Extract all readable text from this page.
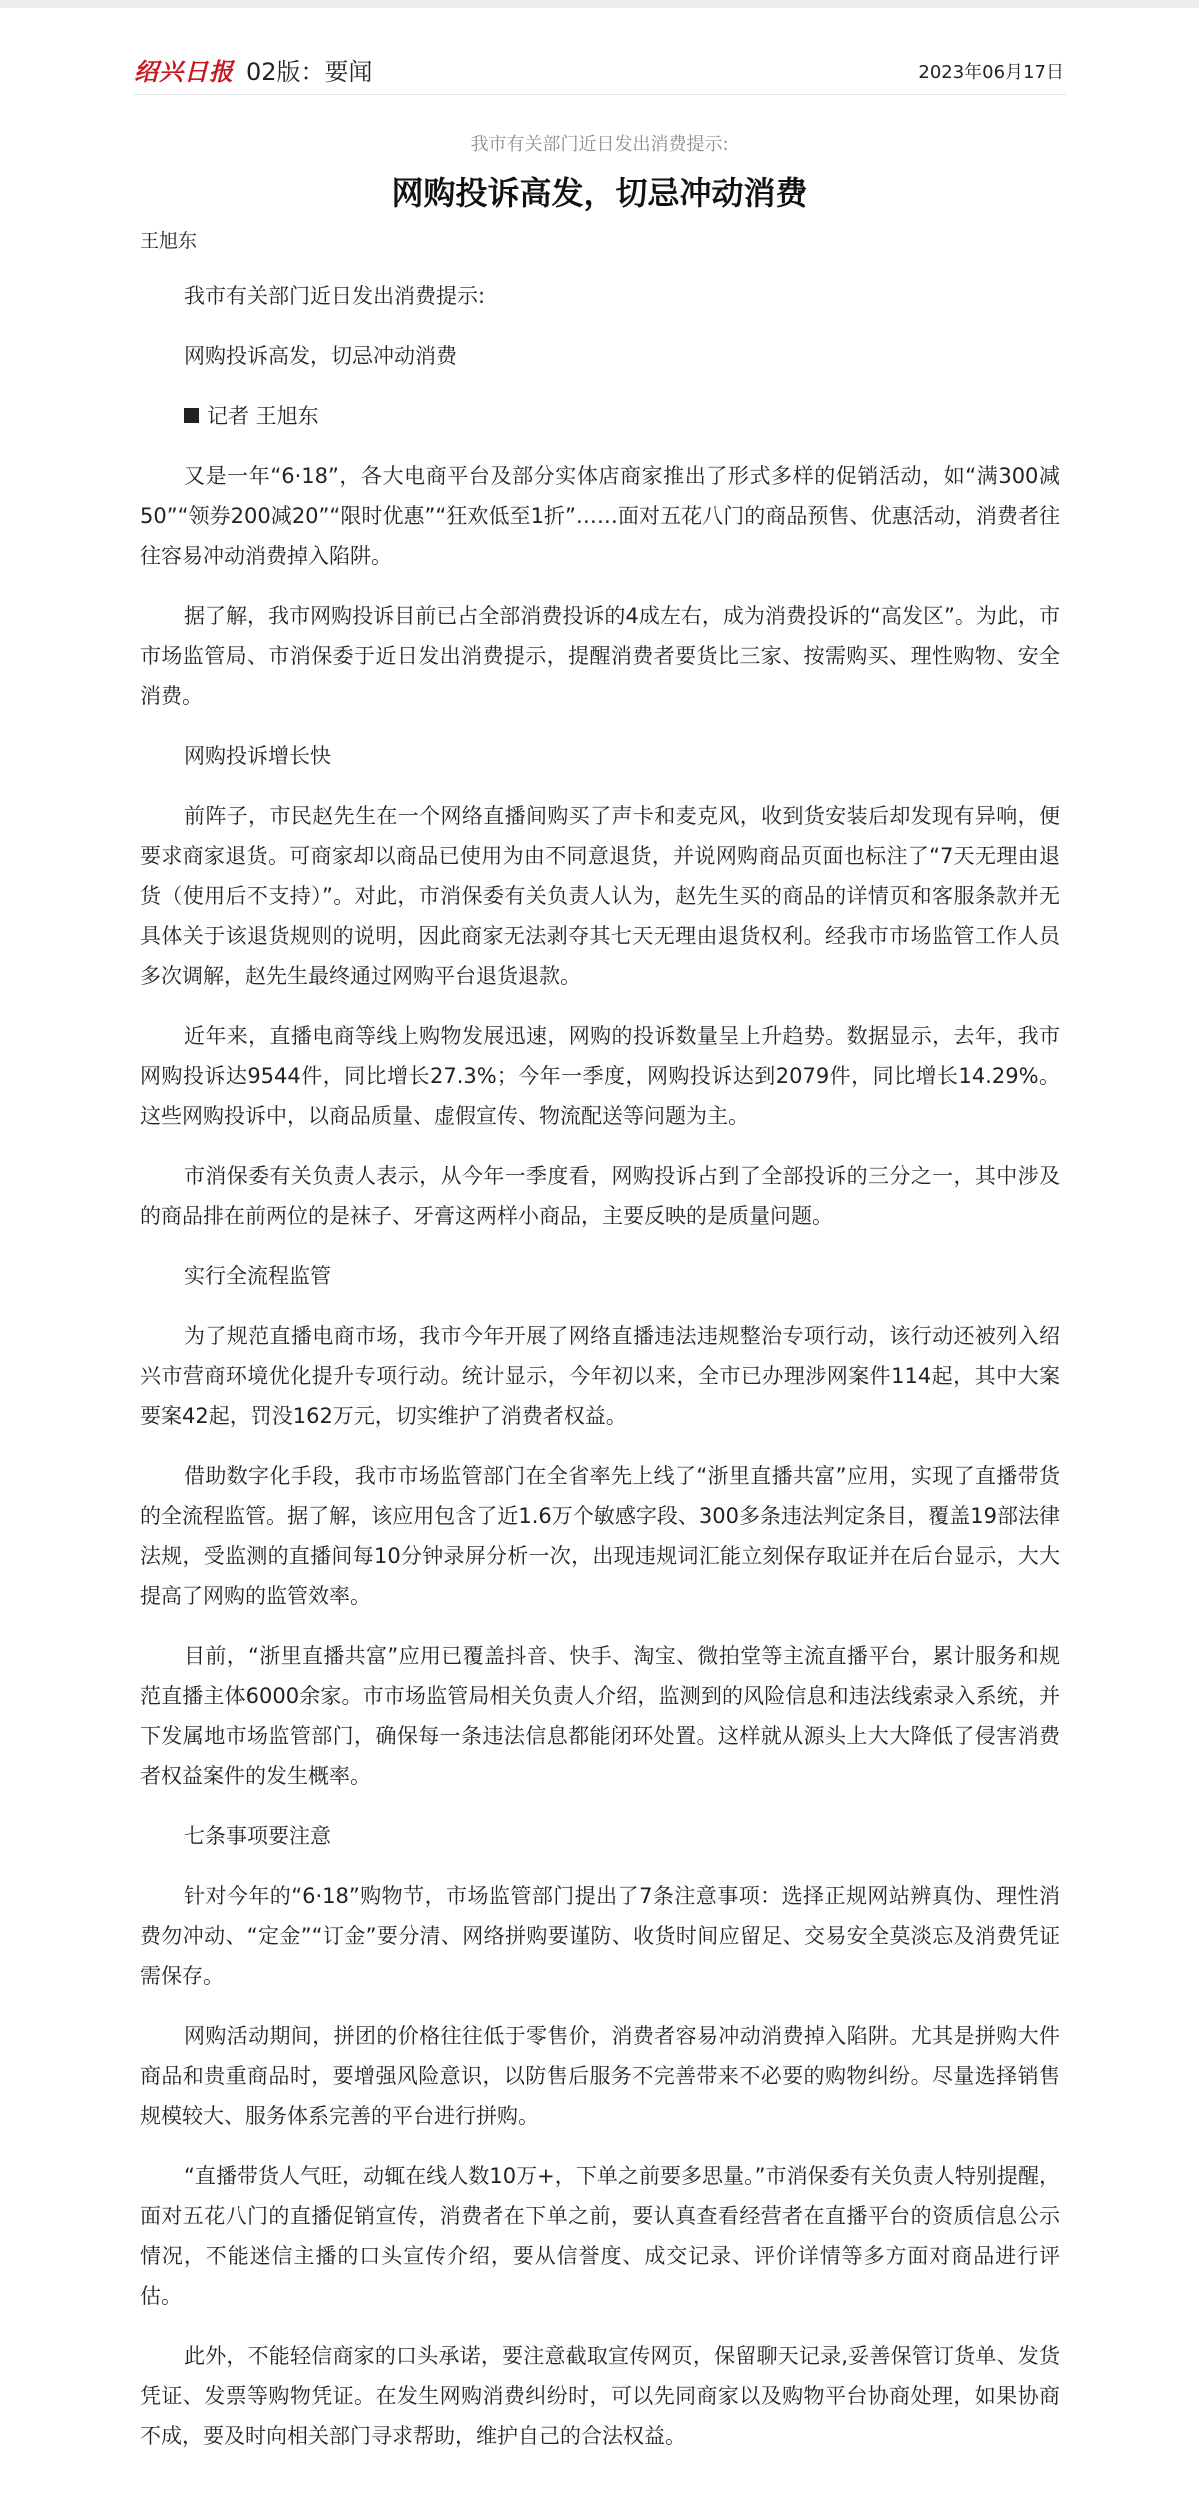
绍兴日报 02版：要闻	2023年06月17日
我市有关部门近日发出消费提示:
网购投诉高发，切忌冲动消费
王旭东

我市有关部门近日发出消费提示:

网购投诉高发，切忌冲动消费

记者 王旭东

又是一年“6·18”，各大电商平台及部分实体店商家推出了形式多样的促销活动，如“满300减50”“领券200减20”“限时优惠”“狂欢低至1折”……面对五花八门的商品预售、优惠活动，消费者往往容易冲动消费掉入陷阱。

据了解，我市网购投诉目前已占全部消费投诉的4成左右，成为消费投诉的“高发区”。为此，市市场监管局、市消保委于近日发出消费提示，提醒消费者要货比三家、按需购买、理性购物、安全消费。

网购投诉增长快

前阵子，市民赵先生在一个网络直播间购买了声卡和麦克风，收到货安装后却发现有异响，便要求商家退货。可商家却以商品已使用为由不同意退货，并说网购商品页面也标注了“7天无理由退货（使用后不支持）”。对此，市消保委有关负责人认为，赵先生买的商品的详情页和客服条款并无具体关于该退货规则的说明，因此商家无法剥夺其七天无理由退货权利。经我市市场监管工作人员多次调解，赵先生最终通过网购平台退货退款。

近年来，直播电商等线上购物发展迅速，网购的投诉数量呈上升趋势。数据显示，去年，我市网购投诉达9544件，同比增长27.3%；今年一季度，网购投诉达到2079件，同比增长14.29%。这些网购投诉中，以商品质量、虚假宣传、物流配送等问题为主。

市消保委有关负责人表示，从今年一季度看，网购投诉占到了全部投诉的三分之一，其中涉及的商品排在前两位的是袜子、牙膏这两样小商品，主要反映的是质量问题。

实行全流程监管

为了规范直播电商市场，我市今年开展了网络直播违法违规整治专项行动，该行动还被列入绍兴市营商环境优化提升专项行动。统计显示，今年初以来，全市已办理涉网案件114起，其中大案要案42起，罚没162万元，切实维护了消费者权益。

借助数字化手段，我市市场监管部门在全省率先上线了“浙里直播共富”应用，实现了直播带货的全流程监管。据了解，该应用包含了近1.6万个敏感字段、300多条违法判定条目，覆盖19部法律法规，受监测的直播间每10分钟录屏分析一次，出现违规词汇能立刻保存取证并在后台显示，大大提高了网购的监管效率。

目前，“浙里直播共富”应用已覆盖抖音、快手、淘宝、微拍堂等主流直播平台，累计服务和规范直播主体6000余家。市市场监管局相关负责人介绍，监测到的风险信息和违法线索录入系统，并下发属地市场监管部门，确保每一条违法信息都能闭环处置。这样就从源头上大大降低了侵害消费者权益案件的发生概率。

七条事项要注意

针对今年的“6·18”购物节，市场监管部门提出了7条注意事项：选择正规网站辨真伪、理性消费勿冲动、“定金”“订金”要分清、网络拼购要谨防、收货时间应留足、交易安全莫淡忘及消费凭证需保存。

网购活动期间，拼团的价格往往低于零售价，消费者容易冲动消费掉入陷阱。尤其是拼购大件商品和贵重商品时，要增强风险意识，以防售后服务不完善带来不必要的购物纠纷。尽量选择销售规模较大、服务体系完善的平台进行拼购。

“直播带货人气旺，动辄在线人数10万+，下单之前要多思量。”市消保委有关负责人特别提醒，面对五花八门的直播促销宣传，消费者在下单之前，要认真查看经营者在直播平台的资质信息公示情况，不能迷信主播的口头宣传介绍，要从信誉度、成交记录、评价详情等多方面对商品进行评估。

此外，不能轻信商家的口头承诺，要注意截取宣传网页，保留聊天记录,妥善保管订货单、发货凭证、发票等购物凭证。在发生网购消费纠纷时，可以先同商家以及购物平台协商处理，如果协商不成，要及时向相关部门寻求帮助，维护自己的合法权益。
